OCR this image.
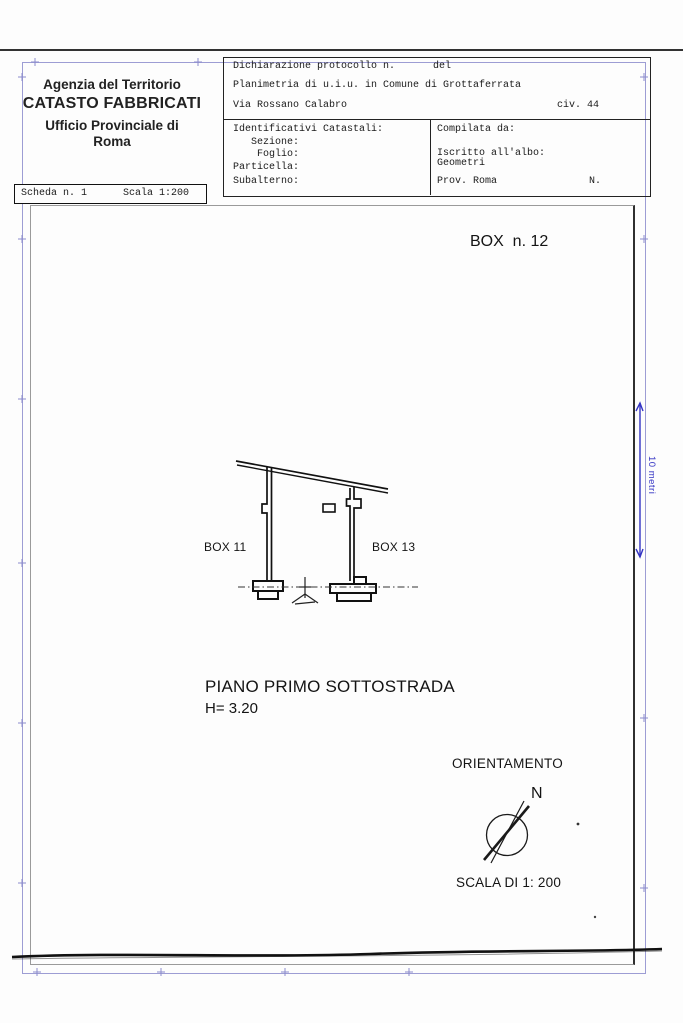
Agenzia del Territorio
CATASTO FABBRICATI
Ufficio Provinciale di
Roma
Scheda n. 1	Scala 1:200
Dichiarazione protocollo n.	del
Planimetria di u.i.u. in Comune di Grottaferrata
Via Rossano Calabro	civ. 44
Identificativi Catastali:
Sezione:
Foglio:
Particella:
Subalterno:
Compilata da:
Iscritto all'albo:
Geometri
Prov. Roma	N.
BOX  n. 12
BOX 11	BOX 13
PIANO PRIMO SOTTOSTRADA
H= 3.20
ORIENTAMENTO
N
SCALA DI 1: 200
10 metri
